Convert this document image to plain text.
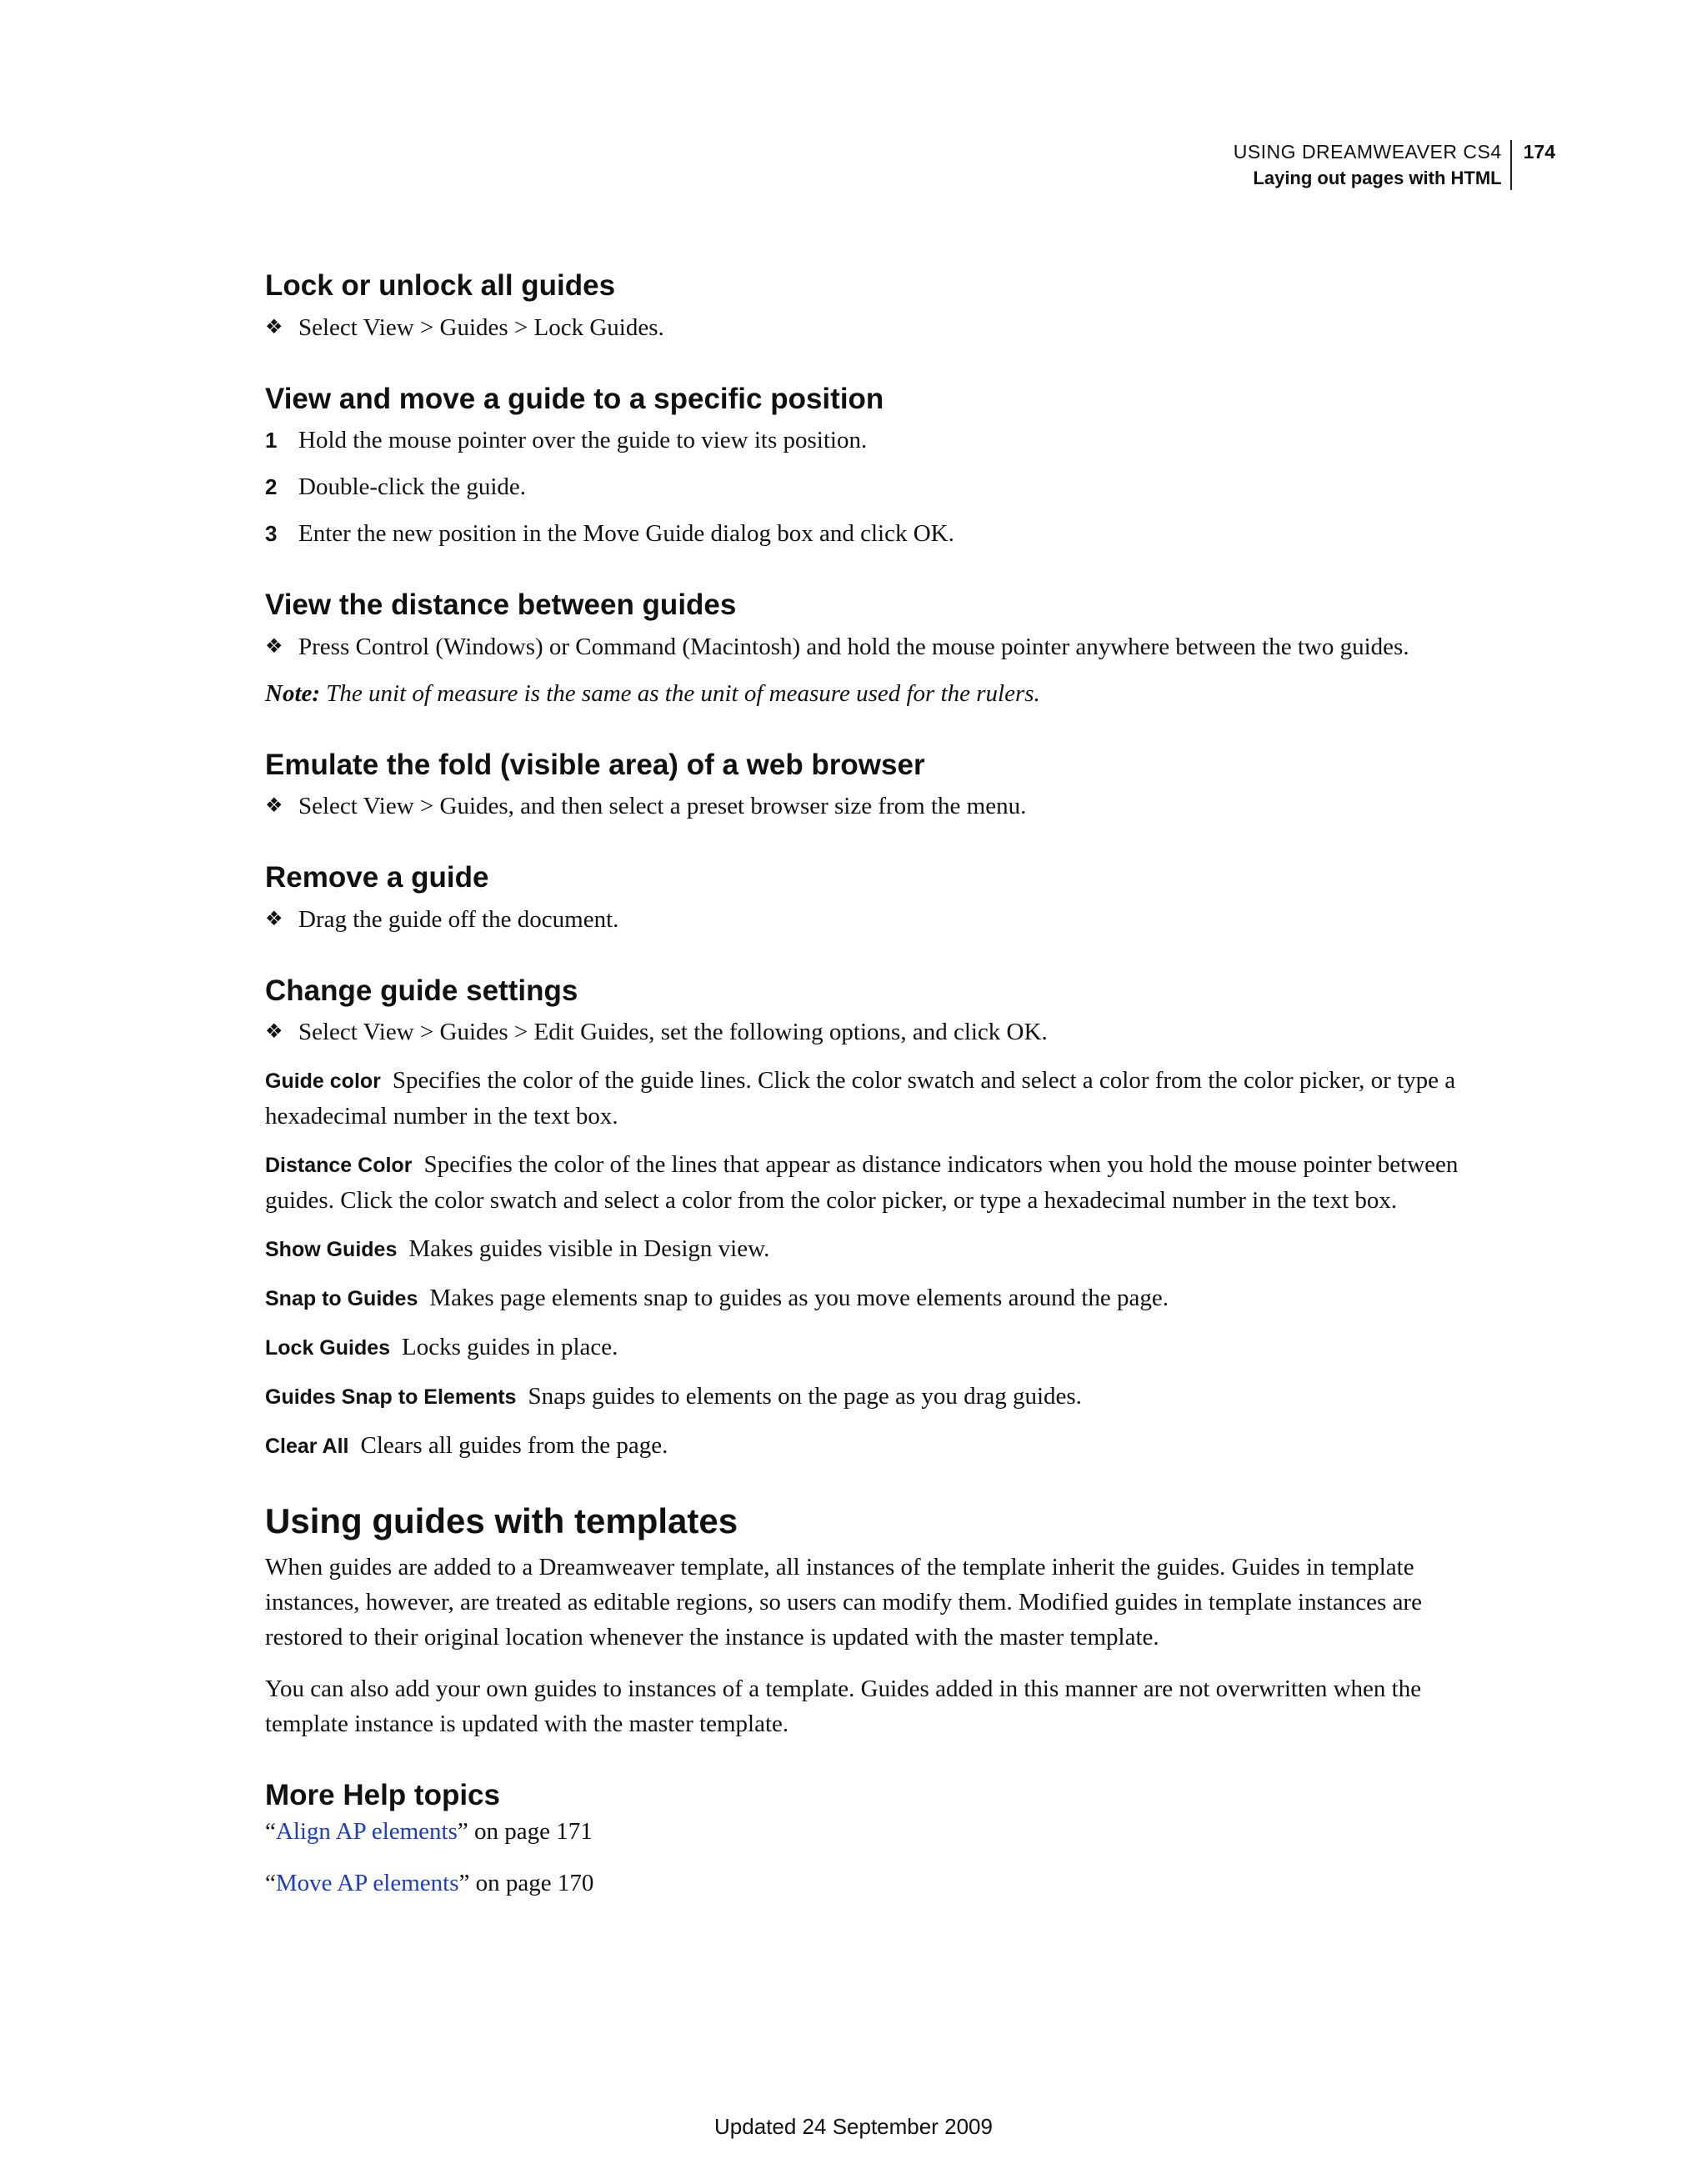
USING DREAMWEAVER CS4
Laying out pages with HTML
174
Lock or unlock all guides
❖ Select View > Guides > Lock Guides.
View and move a guide to a specific position
1 Hold the mouse pointer over the guide to view its position.
2 Double-click the guide.
3 Enter the new position in the Move Guide dialog box and click OK.
View the distance between guides
❖ Press Control (Windows) or Command (Macintosh) and hold the mouse pointer anywhere between the two guides.
Note: The unit of measure is the same as the unit of measure used for the rulers.
Emulate the fold (visible area) of a web browser
❖ Select View > Guides, and then select a preset browser size from the menu.
Remove a guide
❖ Drag the guide off the document.
Change guide settings
❖ Select View > Guides > Edit Guides, set the following options, and click OK.
Guide color Specifies the color of the guide lines. Click the color swatch and select a color from the color picker, or type a hexadecimal number in the text box.
Distance Color Specifies the color of the lines that appear as distance indicators when you hold the mouse pointer between guides. Click the color swatch and select a color from the color picker, or type a hexadecimal number in the text box.
Show Guides Makes guides visible in Design view.
Snap to Guides Makes page elements snap to guides as you move elements around the page.
Lock Guides Locks guides in place.
Guides Snap to Elements Snaps guides to elements on the page as you drag guides.
Clear All Clears all guides from the page.
Using guides with templates

When guides are added to a Dreamweaver template, all instances of the template inherit the guides. Guides in template instances, however, are treated as editable regions, so users can modify them. Modified guides in template instances are restored to their original location whenever the instance is updated with the master template.

You can also add your own guides to instances of a template. Guides added in this manner are not overwritten when the template instance is updated with the master template.

More Help topics
“Align AP elements” on page 171
“Move AP elements” on page 170
Updated 24 September 2009
